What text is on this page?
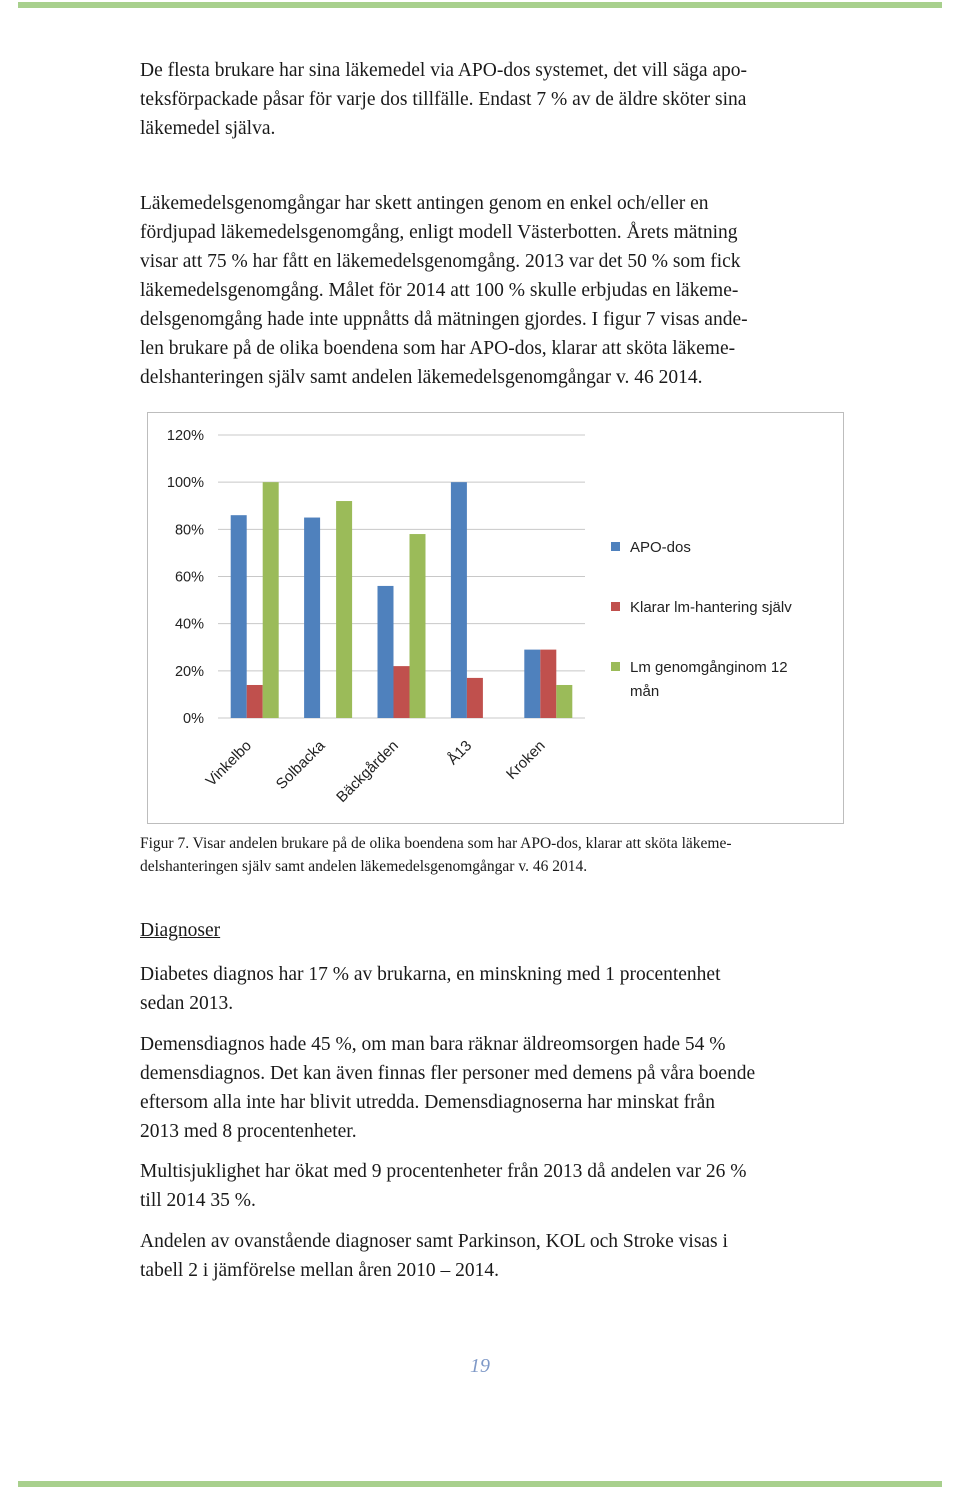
De flesta brukare har sina läkemedel via APO-dos systemet, det vill säga apo-
teksförpackade påsar för varje dos tillfälle. Endast 7 % av de äldre sköter sina
läkemedel själva.

Läkemedelsgenomgångar har skett antingen genom en enkel och/eller en
fördjupad läkemedelsgenomgång, enligt modell Västerbotten. Årets mätning
visar att 75 % har fått en läkemedelsgenomgång. 2013 var det 50 % som fick
läkemedelsgenomgång. Målet för 2014 att 100 % skulle erbjudas en läkeme-
delsgenomgång hade inte uppnåtts då mätningen gjordes. I figur 7 visas ande-
len brukare på de olika boendena som har APO-dos, klarar att sköta läkeme-
delshanteringen själv samt andelen läkemedelsgenomgångar v. 46 2014.

0%
20%
40%
60%
80%
100%
120%
Vinkelbo Solbacka Bäckgården	Å13 Kroken
APO-dos
Klarar lm-hantering själv
Lm genomgånginom 12
mån

Figur 7. Visar andelen brukare på de olika boendena som har APO-dos, klarar att sköta läkeme-
delshanteringen själv samt andelen läkemedelsgenomgångar v. 46 2014.

Diagnoser

Diabetes diagnos har 17 % av brukarna, en minskning med 1 procentenhet
sedan 2013.

Demensdiagnos hade 45 %, om man bara räknar äldreomsorgen hade 54 %
demensdiagnos. Det kan även finnas fler personer med demens på våra boende
eftersom alla inte har blivit utredda. Demensdiagnoserna har minskat från
2013 med 8 procentenheter.

Multisjuklighet har ökat med 9 procentenheter från 2013 då andelen var 26 %
till 2014 35 %.

Andelen av ovanstående diagnoser samt Parkinson, KOL och Stroke visas i
tabell 2 i jämförelse mellan åren 2010 – 2014.

19
